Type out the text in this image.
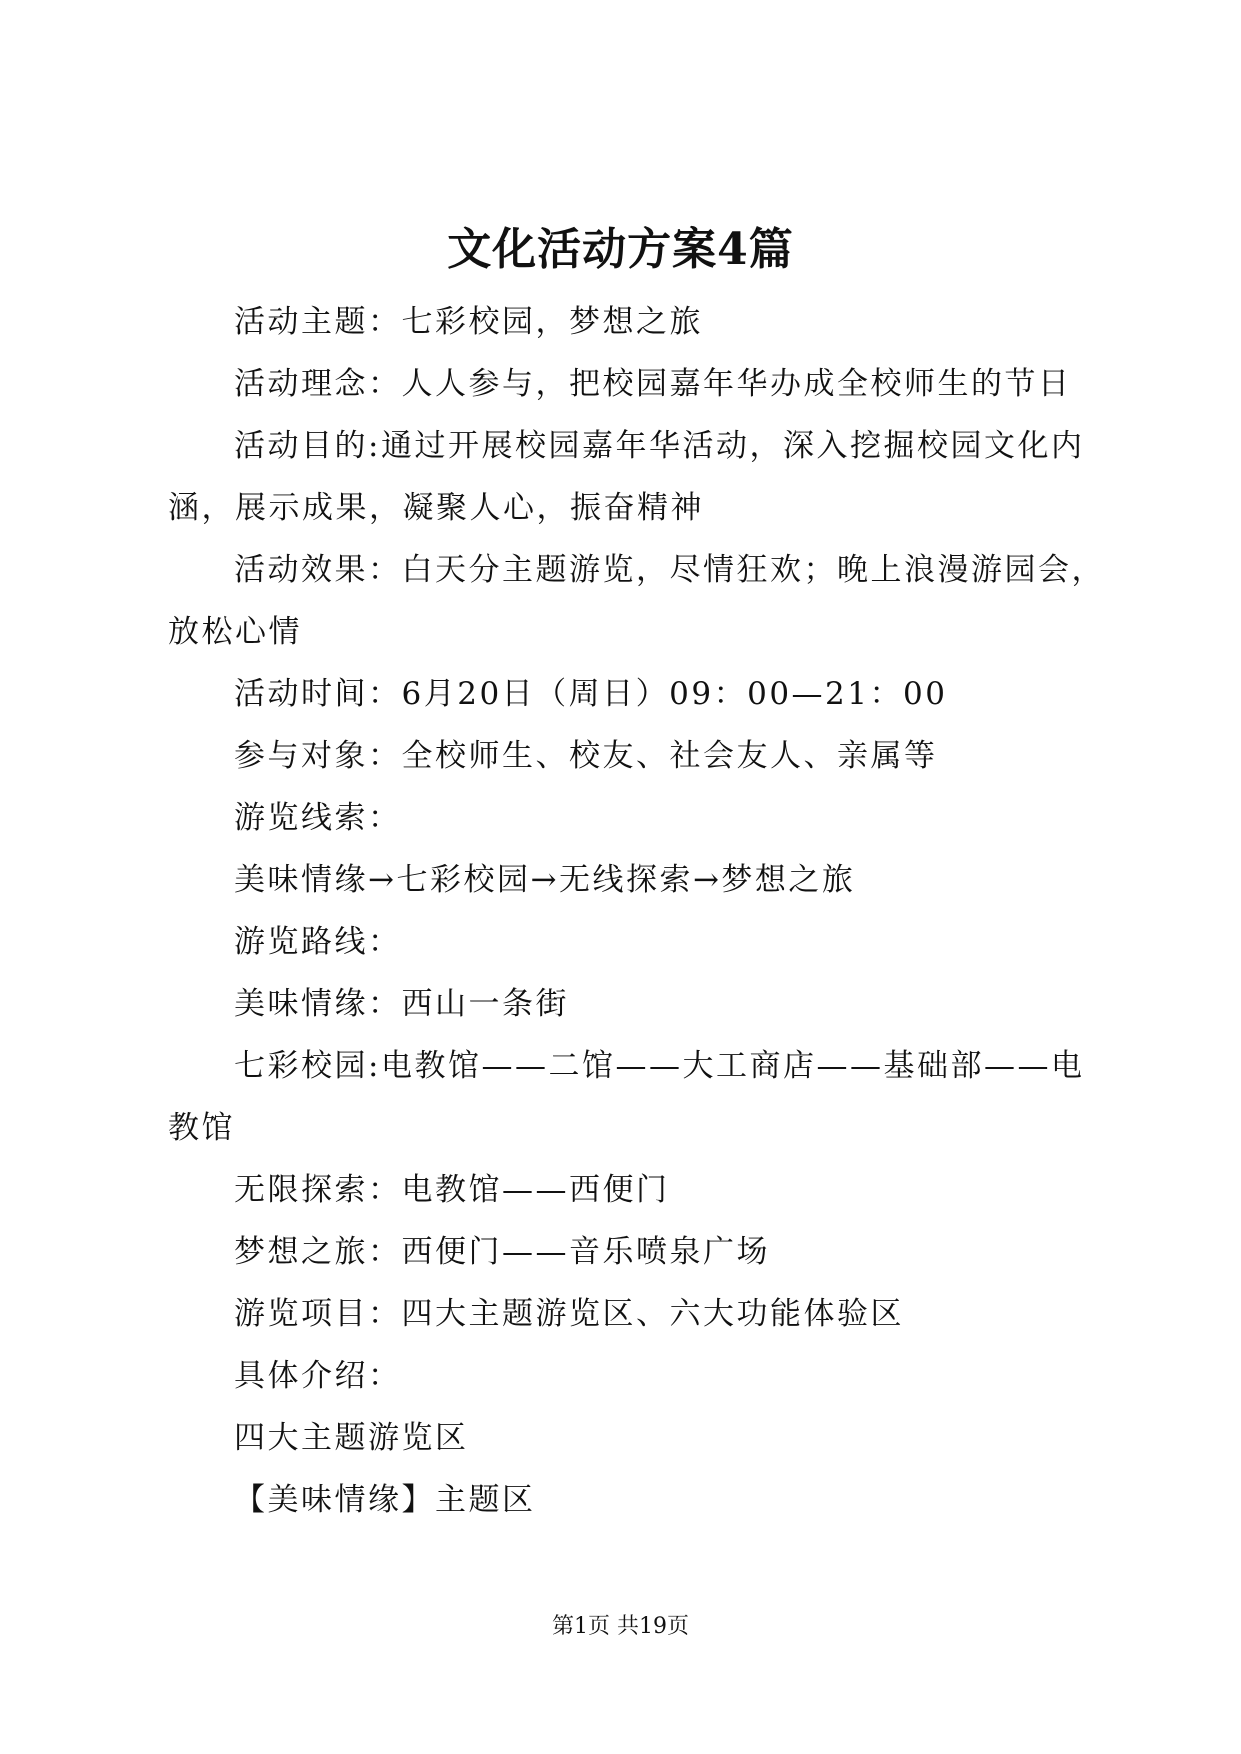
文化活动方案4篇

活动主题：七彩校园，梦想之旅

活动理念：人人参与，把校园嘉年华办成全校师生的节日

活动目的:通过开展校园嘉年华活动，深入挖掘校园文化内

涵，展示成果，凝聚人心，振奋精神

活动效果：白天分主题游览，尽情狂欢；晚上浪漫游园会，

放松心情

活动时间：6月20日（周日）09：00—21：00

参与对象：全校师生、校友、社会友人、亲属等

游览线索：

美味情缘→七彩校园→无线探索→梦想之旅

游览路线：

美味情缘：西山一条街

七彩校园:电教馆——二馆——大工商店——基础部——电

教馆

无限探索：电教馆——西便门

梦想之旅：西便门——音乐喷泉广场

游览项目：四大主题游览区、六大功能体验区

具体介绍：

四大主题游览区

【美味情缘】主题区

第1页 共19页
